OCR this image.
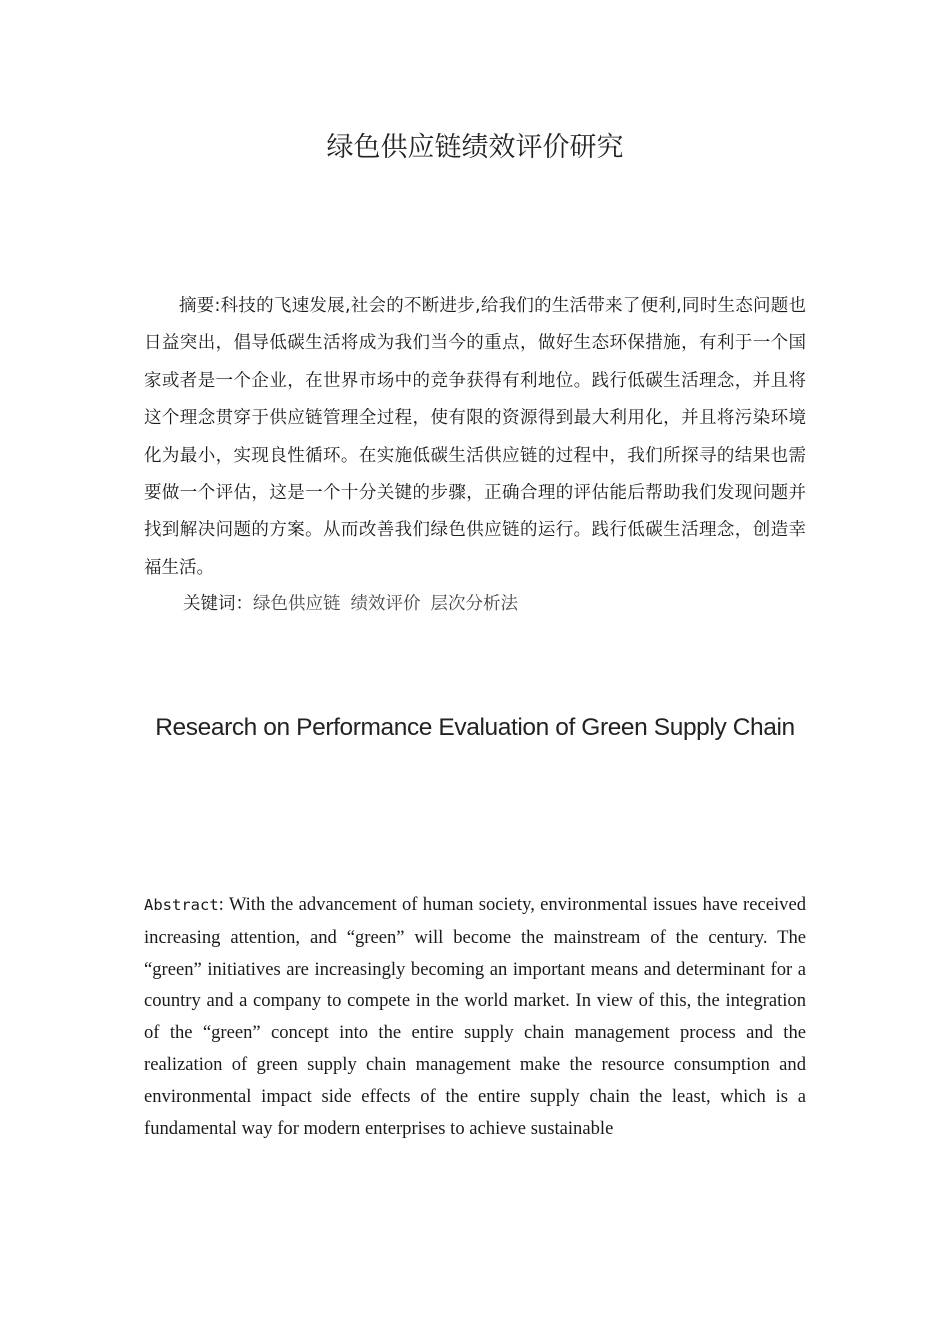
绿色供应链绩效评价研究

摘要:科技的飞速发展,社会的不断进步,给我们的生活带来了便利,同时生态问题也日益突出，倡导低碳生活将成为我们当今的重点，做好生态环保措施，有利于一个国家或者是一个企业，在世界市场中的竞争获得有利地位。践行低碳生活理念，并且将这个理念贯穿于供应链管理全过程，使有限的资源得到最大利用化，并且将污染环境化为最小，实现良性循环。在实施低碳生活供应链的过程中，我们所探寻的结果也需要做一个评估，这是一个十分关键的步骤，正确合理的评估能后帮助我们发现问题并找到解决问题的方案。从而改善我们绿色供应链的运行。践行低碳生活理念，创造幸福生活。

关键词：绿色供应链 绩效评价 层次分析法
Research on Performance Evaluation of Green Supply Chain

Abstract: With the advancement of human society, environmental issues have received increasing attention, and “green” will become the mainstream of the century. The “green” initiatives are increasingly becoming an important means and determinant for a country and a company to compete in the world market. In view of this, the integration of the “green” concept into the entire supply chain management process and the realization of green supply chain management make the resource consumption and environmental impact side effects of the entire supply chain the least, which is a fundamental way for modern enterprises to achieve sustainable
